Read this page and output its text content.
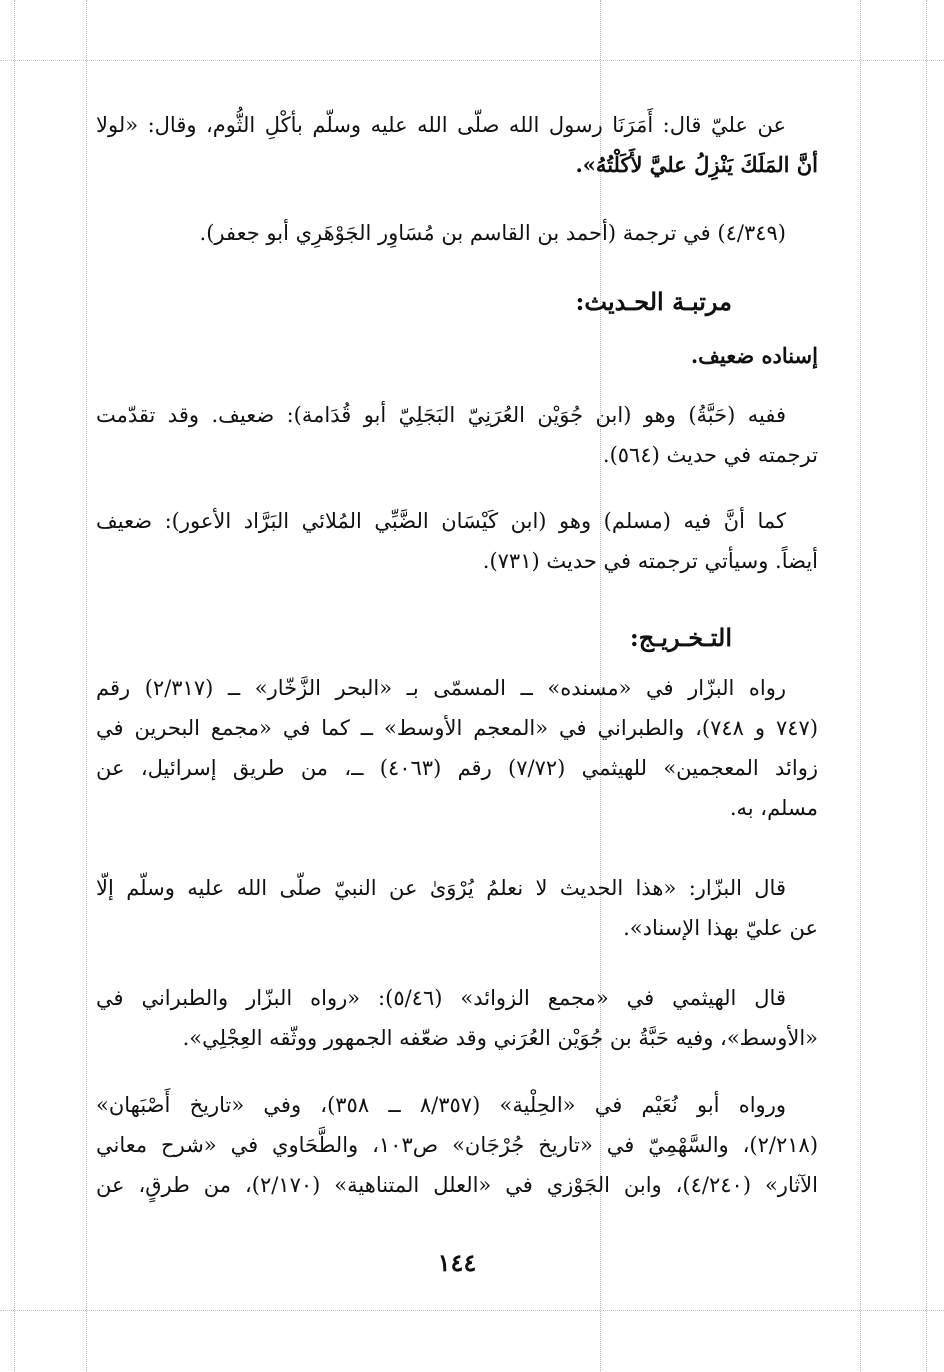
عن عليّ قال: أَمَرَنَا رسول الله صلّى الله عليه وسلّم بأكْلِ الثُّوم، وقال: «لولا
أنَّ المَلَكَ يَنْزِلُ عليَّ لأَكَلْتُهُ».
(٤/٣٤٩) في ترجمة (أحمد بن القاسم بن مُسَاوِر الجَوْهَرِي أبو جعفر).
مرتبـة الحـديث:
إسناده ضعيف.
ففيه (حَبَّةُ) وهو (ابن جُوَيْن العُرَنِيّ البَجَلِيّ أبو قُدَامة): ضعيف. وقد تقدّمت
ترجمته في حديث (٥٦٤).
كما أنَّ فيه (مسلم) وهو (ابن كَيْسَان الضَّبِّي المُلائي البَرَّاد الأعور): ضعيف
أيضاً. وسيأتي ترجمته في حديث (٧٣١).
التـخـريـج:
رواه البزّار في «مسنده» ــ المسمّى بـ «البحر الزَّخّار» ــ (٢/٣١٧) رقم
(٧٤٧ و ٧٤٨)، والطبراني في «المعجم الأوسط» ــ كما في «مجمع البحرين في
زوائد المعجمين» للهيثمي (٧/٧٢) رقم (٤٠٦٣) ــ، من طريق إسرائيل، عن
مسلم، به.
قال البزّار: «هذا الحديث لا نعلمُ يُرْوَىٰ عن النبيّ صلّى الله عليه وسلّم إلّا
عن عليّ بهذا الإسناد».
قال الهيثمي في «مجمع الزوائد» (٥/٤٦): «رواه البزّار والطبراني في
«الأوسط»، وفيه حَبَّةُ بن جُوَيْن العُرَني وقد ضعّفه الجمهور ووثّقه العِجْلِي».
ورواه أبو نُعَيْم في «الحِلْية» (٨/٣٥٧ ــ ٣٥٨)، وفي «تاريخ أَصْبَهان»
(٢/٢١٨)، والسَّهْمِيّ في «تاريخ جُرْجَان» ص١٠٣، والطَّحَاوي في «شرح معاني
الآثار» (٤/٢٤٠)، وابن الجَوْزي في «العلل المتناهية» (٢/١٧٠)، من طرقٍ، عن
١٤٤
